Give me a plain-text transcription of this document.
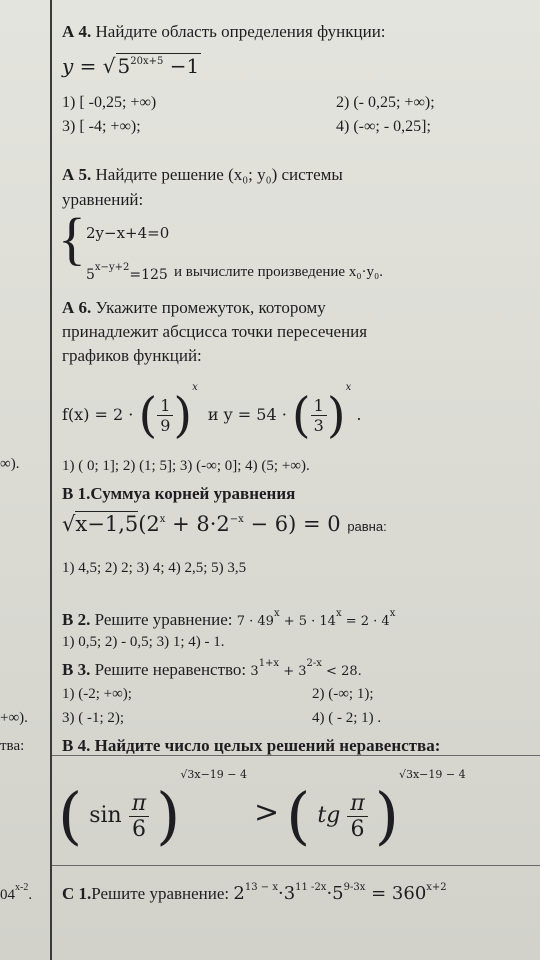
∞).
+∞).
тва:
04$^{x-2}$.
А 4. Найдите область определения функции:
y = √ $5^{20x+5} -1$
1) [ -0,25; +∞)	2) (- 0,25; +∞);
3) [ -4; +∞);	4) (-∞; - 0,25];
А 5. Найдите решение (x₀; y₀) системы
уравнений:
{ 2y−x+4=0
$5^{x-y+2}=125$ и вычислите произведение x₀·y₀.
А 6. Укажите промежуток, которому
принадлежит абсцисса точки пересечения
графиков функций:
f(x) = 2 · ( $\frac{1}{9} )^x$  и y = 54 · ( $\frac{1}{3} )^x$ .
1) ( 0; 1]; 2) (1; 5]; 3) (-∞; 0]; 4) (5; +∞).
В 1.Суммуа корней уравнения
$√x-1,5(2^x + 8\cdot 2^{-x} - 6) = 0$ равна:
1) 4,5; 2) 2; 3) 4; 4) 2,5; 5) 3,5
В 2. Решите уравнение: $7 \cdot 49^x + 5 \cdot 14^x = 2 \cdot 4^x$
1) 0,5; 2) - 0,5; 3) 1; 4) - 1.
В 3. Решите неравенство: $3^{1+x} + 3^{2-x} < 28$.
1) (-2; +∞);	2) (-∞; 1);
3) ( -1; 2);	4) ( - 2; 1) .
В 4. Найдите число целых решений неравенства:
( $\sin \frac{\pi}{6} )^{√3x-19 - 4}$ > ( tg $\frac{\pi}{6} )^{√3x-19 - 4}$
С 1.Решите уравнение: $2^{13 - x}\cdot 3^{11 -2x}\cdot 5^{9-3x} = 360^{x+2}$
